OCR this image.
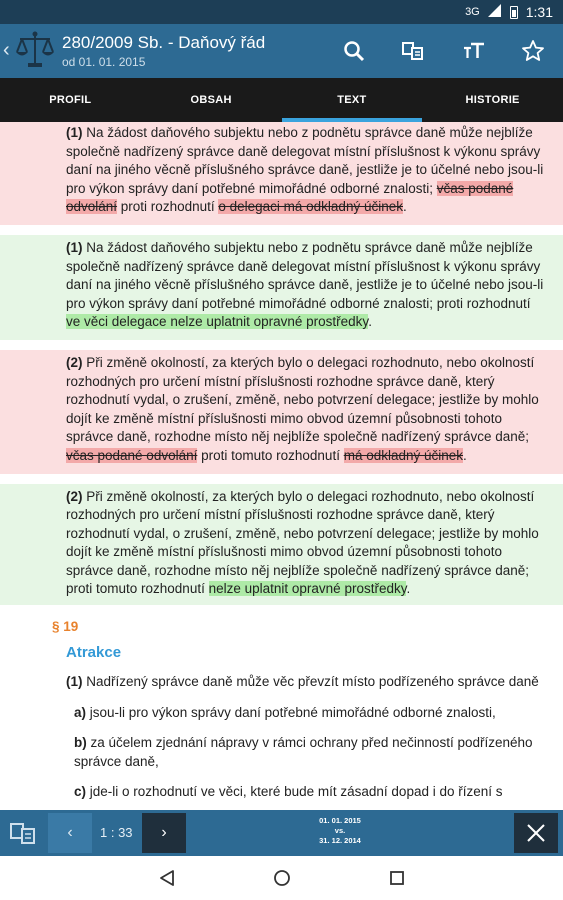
3G	1:31
‹	280/2009 Sb. - Daňový řád
od 01. 01. 2015
PROFIL	OBSAH	TEXT	HISTORIE
(1) Na žádost daňového subjektu nebo z podnětu správce daně může nejblíže společně nadřízený správce daně delegovat místní příslušnost k výkonu správy daní na jiného věcně příslušného správce daně, jestliže je to účelné nebo jsou-li pro výkon správy daní potřebné mimořádné odborné znalosti; včas podané odvolání proti rozhodnutí o delegaci má odkladný účinek.
(1) Na žádost daňového subjektu nebo z podnětu správce daně může nejblíže společně nadřízený správce daně delegovat místní příslušnost k výkonu správy daní na jiného věcně příslušného správce daně, jestliže je to účelné nebo jsou-li pro výkon správy daní potřebné mimořádné odborné znalosti; proti rozhodnutí ve věci delegace nelze uplatnit opravné prostředky.
(2) Při změně okolností, za kterých bylo o delegaci rozhodnuto, nebo okolností rozhodných pro určení místní příslušnosti rozhodne správce daně, který rozhodnutí vydal, o zrušení, změně, nebo potvrzení delegace; jestliže by mohlo dojít ke změně místní příslušnosti mimo obvod územní působnosti tohoto správce daně, rozhodne místo něj nejblíže společně nadřízený správce daně; včas podané odvolání proti tomuto rozhodnutí má odkladný účinek.
(2) Při změně okolností, za kterých bylo o delegaci rozhodnuto, nebo okolností rozhodných pro určení místní příslušnosti rozhodne správce daně, který rozhodnutí vydal, o zrušení, změně, nebo potvrzení delegace; jestliže by mohlo dojít ke změně místní příslušnosti mimo obvod územní působnosti tohoto správce daně, rozhodne místo něj nejblíže společně nadřízený správce daně; proti tomuto rozhodnutí nelze uplatnit opravné prostředky.
§ 19
Atrakce
(1) Nadřízený správce daně může věc převzít místo podřízeného správce daně
a) jsou-li pro výkon správy daní potřebné mimořádné odborné znalosti,
b) za účelem zjednání nápravy v rámci ochrany před nečinností podřízeného správce daně,
c) jde-li o rozhodnutí ve věci, které bude mít zásadní dopad i do řízení s
‹ 1 : 33 ›
01. 01. 2015
vs.
31. 12. 2014
